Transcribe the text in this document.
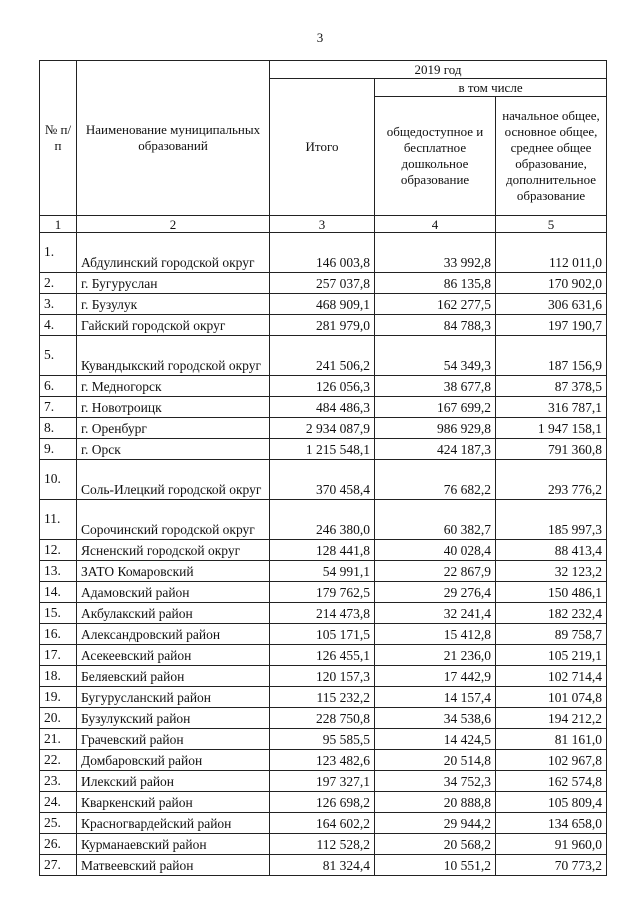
3
№ п/п	Наименование муниципальных образований	2019 год		
		Итого	в том числе	
			общедоступное и бесплатное дошкольное образование	начальное общее, основное общее, среднее общее образование, дополнительное образование
1	2	3	4	5
1.	Абдулинский городской округ	146 003,8	33 992,8	112 011,0
2.	г. Бугуруслан	257 037,8	86 135,8	170 902,0
3.	г. Бузулук	468 909,1	162 277,5	306 631,6
4.	Гайский городской округ	281 979,0	84 788,3	197 190,7
5.	Кувандыкский городской округ	241 506,2	54 349,3	187 156,9
6.	г. Медногорск	126 056,3	38 677,8	87 378,5
7.	г. Новотроицк	484 486,3	167 699,2	316 787,1
8.	г. Оренбург	2 934 087,9	986 929,8	1 947 158,1
9.	г. Орск	1 215 548,1	424 187,3	791 360,8
10.	Соль-Илецкий городской округ	370 458,4	76 682,2	293 776,2
11.	Сорочинский городской округ	246 380,0	60 382,7	185 997,3
12.	Ясненский городской округ	128 441,8	40 028,4	88 413,4
13.	ЗАТО Комаровский	54 991,1	22 867,9	32 123,2
14.	Адамовский район	179 762,5	29 276,4	150 486,1
15.	Акбулакский район	214 473,8	32 241,4	182 232,4
16.	Александровский район	105 171,5	15 412,8	89 758,7
17.	Асекеевский район	126 455,1	21 236,0	105 219,1
18.	Беляевский район	120 157,3	17 442,9	102 714,4
19.	Бугурусланский район	115 232,2	14 157,4	101 074,8
20.	Бузулукский район	228 750,8	34 538,6	194 212,2
21.	Грачевский район	95 585,5	14 424,5	81 161,0
22.	Домбаровский район	123 482,6	20 514,8	102 967,8
23.	Илекский район	197 327,1	34 752,3	162 574,8
24.	Кваркенский район	126 698,2	20 888,8	105 809,4
25.	Красногвардейский район	164 602,2	29 944,2	134 658,0
26.	Курманаевский район	112 528,2	20 568,2	91 960,0
27.	Матвеевский район	81 324,4	10 551,2	70 773,2
